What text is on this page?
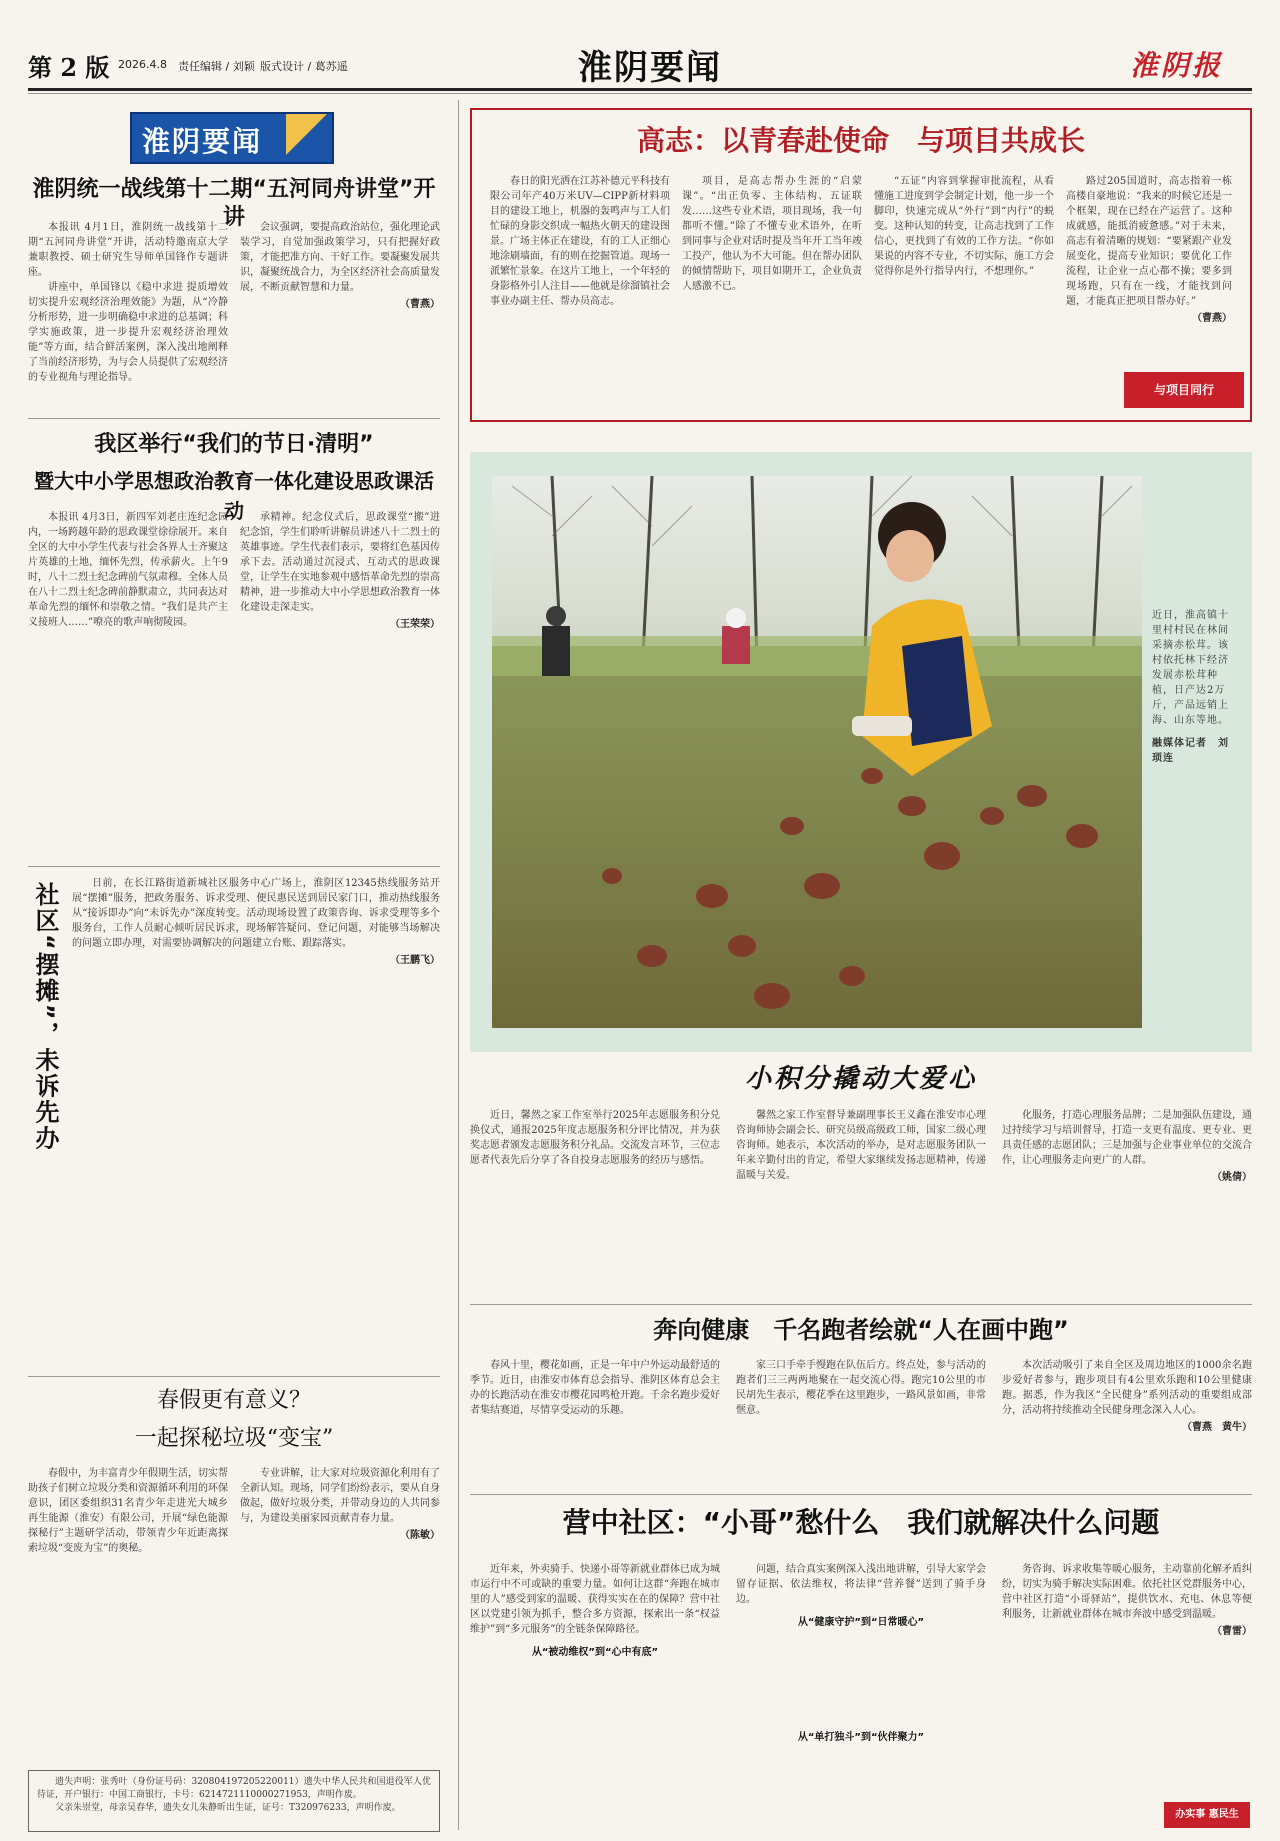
第 2 版 2026.4.8 责任编辑 / 刘颖 版式设计 / 葛苏遥	淮阴要闻	淮阴报
淮阴要闻
淮阴统一战线第十二期“五河同舟讲堂”开讲

本报讯 4月1日，淮阴统一战线第十二期“五河同舟讲堂”开讲，活动特邀南京大学兼职教授、硕士研究生导师单国锋作专题讲座。

讲座中，单国锋以《稳中求进 提质增效 切实提升宏观经济治理效能》为题，从“冷静分析形势，进一步明确稳中求进的总基调；科学实施政策，进一步提升宏观经济治理效能”等方面，结合鲜活案例，深入浅出地阐释了当前经济形势，为与会人员提供了宏观经济的专业视角与理论指导。

会议强调，要提高政治站位，强化理论武装学习，自觉加强政策学习，只有把握好政策，才能把准方向、干好工作。要凝聚发展共识，凝聚统战合力，为全区经济社会高质量发展，不断贡献智慧和力量。

（曹燕）
我区举行“我们的节日·清明”
暨大中小学思想政治教育一体化建设思政课活动

本报讯 4月3日，新四军刘老庄连纪念园内，一场跨越年龄的思政课堂徐徐展开。来自全区的大中小学生代表与社会各界人士齐聚这片英雄的土地，缅怀先烈，传承薪火。上午9时，八十二烈士纪念碑前气氛肃穆。全体人员在八十二烈士纪念碑前静默肃立，共同表达对革命先烈的缅怀和崇敬之情。“我们是共产主义接班人……”嘹亮的歌声响彻陵园。

承精神。纪念仪式后，思政课堂“搬”进纪念馆，学生们聆听讲解员讲述八十二烈士的英雄事迹。学生代表们表示，要将红色基因传承下去。活动通过沉浸式、互动式的思政课堂，让学生在实地参观中感悟革命先烈的崇高精神，进一步推动大中小学思想政治教育一体化建设走深走实。

（王荣荣）
社区“摆摊”，未诉先办	日前，在长江路街道新城社区服务中心广场上，淮阴区12345热线服务站开展“摆摊”服务，把政务服务、诉求受理、便民惠民送到居民家门口，推动热线服务从“接诉即办”向“未诉先办”深度转变。活动现场设置了政策咨询、诉求受理等多个服务台，工作人员耐心倾听居民诉求，现场解答疑问、登记问题，对能够当场解决的问题立即办理，对需要协调解决的问题建立台账、跟踪落实。

（王鹏飞）
春假更有意义？
一起探秘垃圾“变宝”

春假中，为丰富青少年假期生活，切实帮助孩子们树立垃圾分类和资源循环利用的环保意识，团区委组织31名青少年走进光大城乡再生能源（淮安）有限公司，开展“绿色能源探秘行”主题研学活动，带领青少年近距离探索垃圾“变废为宝”的奥秘。

专业讲解，让大家对垃圾资源化利用有了全新认知。现场，同学们纷纷表示，要从自身做起，做好垃圾分类，并带动身边的人共同参与，为建设美丽家园贡献青春力量。

（陈敏）

遗失声明：张秀叶（身份证号码：320804197205220011）遗失中华人民共和国退役军人优待证，开户银行：中国工商银行，卡号：6214721110000271953，声明作废。

父亲朱崇堂，母亲吴春华，遗失女儿朱静昕出生证，证号：T320976233，声明作废。

高志：以青春赴使命　与项目共成长

春日的阳光洒在江苏补德元平科技有限公司年产40万米UV—CIPP新材料项目的建设工地上，机器的轰鸣声与工人们忙碌的身影交织成一幅热火朝天的建设图景。广场主体正在建设，有的工人正细心地涂刷墙面，有的则在挖掘管道。现场一派繁忙景象。在这片工地上，一个年轻的身影格外引人注目——他就是徐溜镇社会事业办副主任、帮办员高志。

项目，是高志帮办生涯的“启蒙课”。“出正负零、主体结构、五证联发……这些专业术语，项目现场，我一句都听不懂。”除了不懂专业术语外，在听到同事与企业对话时提及当年开工当年竣工投产，他认为不大可能。但在帮办团队的倾情帮助下，项目如期开工，企业负责人感激不已。

“五证”内容到掌握审批流程，从看懂施工进度到学会制定计划，他一步一个脚印，快速完成从“外行”到“内行”的蜕变。这种认知的转变，让高志找到了工作信心，更找到了有效的工作方法。“你如果说的内容不专业，不切实际，施工方会觉得你是外行指导内行，不想理你。”

路过205国道时，高志指着一栋高楼自豪地说：“我来的时候它还是一个框架，现在已经在产运营了。这种成就感，能抵消疲惫感。”对于未来，高志有着清晰的规划：“要紧跟产业发展变化，提高专业知识；要优化工作流程，让企业一点心都不操；要多到现场跑，只有在一线，才能找到问题，才能真正把项目帮办好。”

（曹燕）
与项目同行
近日，淮高镇十里村村民在林间采摘赤松茸。该村依托林下经济发展赤松茸种植，日产达2万斤，产品远销上海、山东等地。
融媒体记者　刘顼连
小积分撬动大爱心

近日，馨然之家工作室举行2025年志愿服务积分兑换仪式，通报2025年度志愿服务积分评比情况，并为获奖志愿者颁发志愿服务积分礼品。交流发言环节，三位志愿者代表先后分享了各自投身志愿服务的经历与感悟。

馨然之家工作室督导兼副理事长王义鑫在淮安市心理咨询师协会副会长、研究员级高级政工师，国家二级心理咨询师。她表示，本次活动的举办，是对志愿服务团队一年来辛勤付出的肯定，希望大家继续发扬志愿精神，传递温暖与关爱。

化服务，打造心理服务品牌；二是加强队伍建设，通过持续学习与培训督导，打造一支更有温度、更专业、更具责任感的志愿团队；三是加强与企业事业单位的交流合作，让心理服务走向更广的人群。

（姚倩）
奔向健康　千名跑者绘就“人在画中跑”

春风十里，樱花如画，正是一年中户外运动最舒适的季节。近日，由淮安市体育总会指导、淮阴区体育总会主办的长跑活动在淮安市樱花园鸣枪开跑。千余名跑步爱好者集结赛道，尽情享受运动的乐趣。

家三口手牵手慢跑在队伍后方。终点处，参与活动的跑者们三三两两地聚在一起交流心得。跑完10公里的市民胡先生表示，樱花季在这里跑步，一路风景如画，非常惬意。

本次活动吸引了来自全区及周边地区的1000余名跑步爱好者参与，跑步项目有4公里欢乐跑和10公里健康跑。据悉，作为我区“全民健身”系列活动的重要组成部分，活动将持续推动全民健身理念深入人心。

（曹燕　黄牛）
营中社区：“小哥”愁什么　我们就解决什么问题

近年来，外卖骑手、快递小哥等新就业群体已成为城市运行中不可或缺的重要力量。如何让这群“奔跑在城市里的人”感受到家的温暖、获得实实在在的保障？营中社区以党建引领为抓手，整合多方资源，探索出一条“权益维护”到“多元服务”的全链条保障路径。

从“被动维权”到“心中有底”

问题，结合真实案例深入浅出地讲解，引导大家学会留存证据、依法维权，将法律“营养餐”送到了骑手身边。

从“健康守护”到“日常暖心”
从“单打独斗”到“伙伴聚力”

务咨询、诉求收集等暖心服务，主动靠前化解矛盾纠纷，切实为骑手解决实际困难。依托社区党群服务中心，营中社区打造“小哥驿站”，提供饮水、充电、休息等便利服务，让新就业群体在城市奔波中感受到温暖。

（曹雷）
办实事 惠民生
